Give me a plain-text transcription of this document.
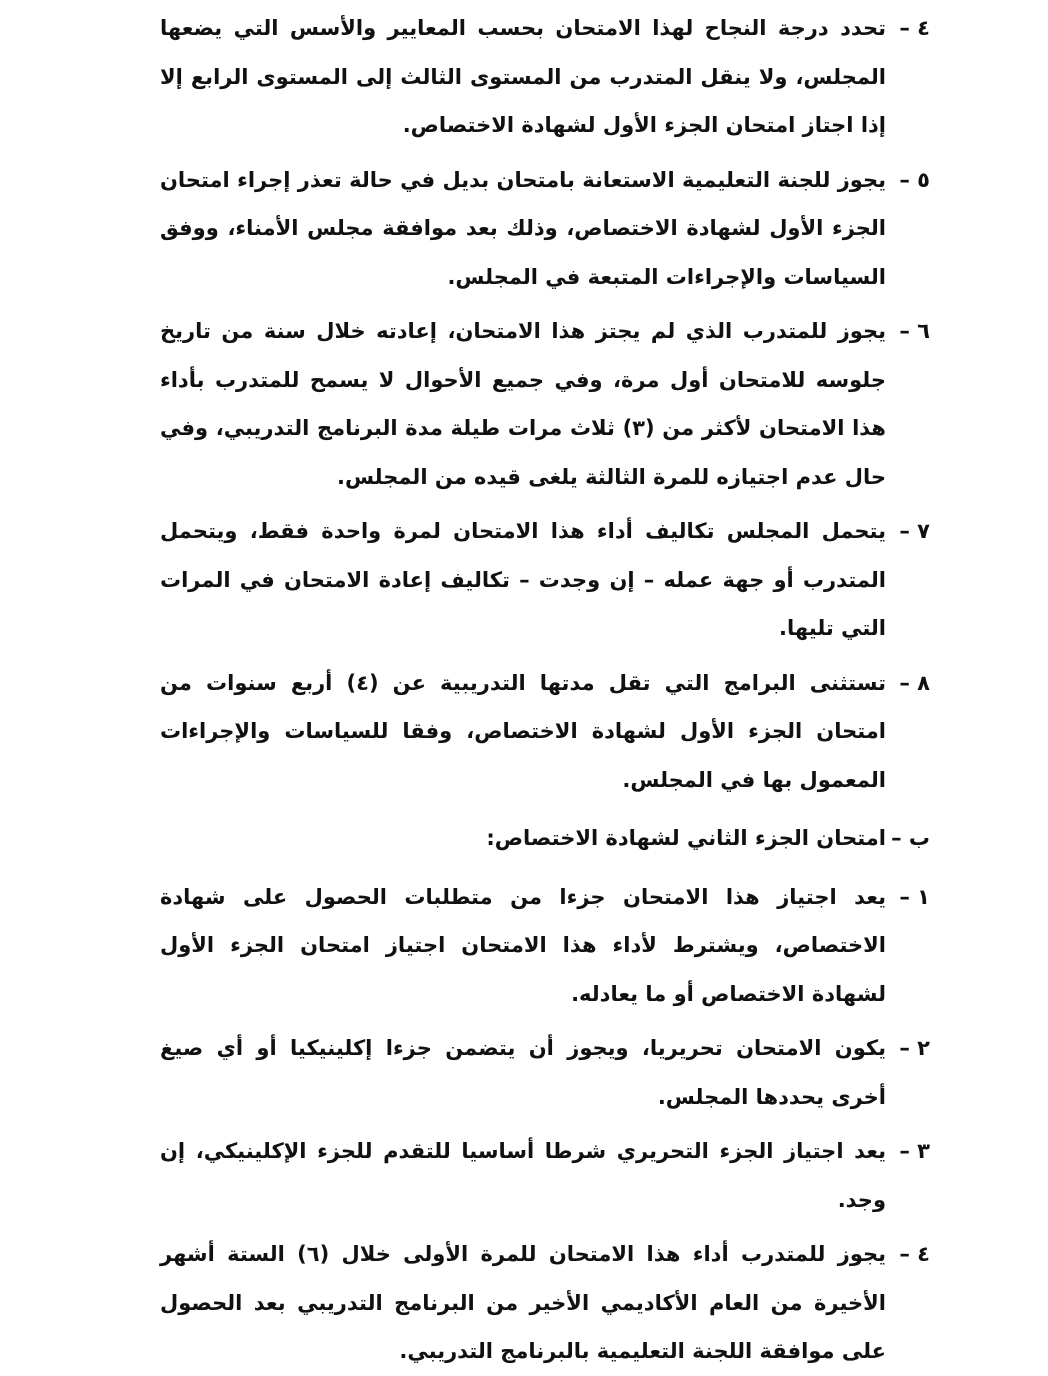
٤ –
تحدد درجة النجاح لهذا الامتحان بحسب المعايير والأسس التي يضعها المجلس، ولا ينقل المتدرب من المستوى الثالث إلى المستوى الرابع إلا إذا اجتاز امتحان الجزء الأول لشهادة الاختصاص.
٥ –
يجوز للجنة التعليمية الاستعانة بامتحان بديل في حالة تعذر إجراء امتحان الجزء الأول لشهادة الاختصاص، وذلك بعد موافقة مجلس الأمناء، ووفق السياسات والإجراءات المتبعة في المجلس.
٦ –
يجوز للمتدرب الذي لم يجتز هذا الامتحان، إعادته خلال سنة من تاريخ جلوسه للامتحان أول مرة، وفي جميع الأحوال لا يسمح للمتدرب بأداء هذا الامتحان لأكثر من (٣) ثلاث مرات طيلة مدة البرنامج التدريبي، وفي حال عدم اجتيازه للمرة الثالثة يلغى قيده من المجلس.
٧ –
يتحمل المجلس تكاليف أداء هذا الامتحان لمرة واحدة فقط، ويتحمل المتدرب أو جهة عمله – إن وجدت – تكاليف إعادة الامتحان في المرات التي تليها.
٨ –
تستثنى البرامج التي تقل مدتها التدريبية عن (٤) أربع سنوات من امتحان الجزء الأول لشهادة الاختصاص، وفقا للسياسات والإجراءات المعمول بها في المجلس.
ب –
امتحان الجزء الثاني لشهادة الاختصاص:
١ –
يعد اجتياز هذا الامتحان جزءا من متطلبات الحصول على شهادة الاختصاص، ويشترط لأداء هذا الامتحان اجتياز امتحان الجزء الأول لشهادة الاختصاص أو ما يعادله.
٢ –
يكون الامتحان تحريريا، ويجوز أن يتضمن جزءا إكلينيكيا أو أي صيغ أخرى يحددها المجلس.
٣ –
يعد اجتياز الجزء التحريري شرطا أساسيا للتقدم للجزء الإكلينيكي، إن وجد.
٤ –
يجوز للمتدرب أداء هذا الامتحان للمرة الأولى خلال (٦) الستة أشهر الأخيرة من العام الأكاديمي الأخير من البرنامج التدريبي بعد الحصول على موافقة اللجنة التعليمية بالبرنامج التدريبي.
